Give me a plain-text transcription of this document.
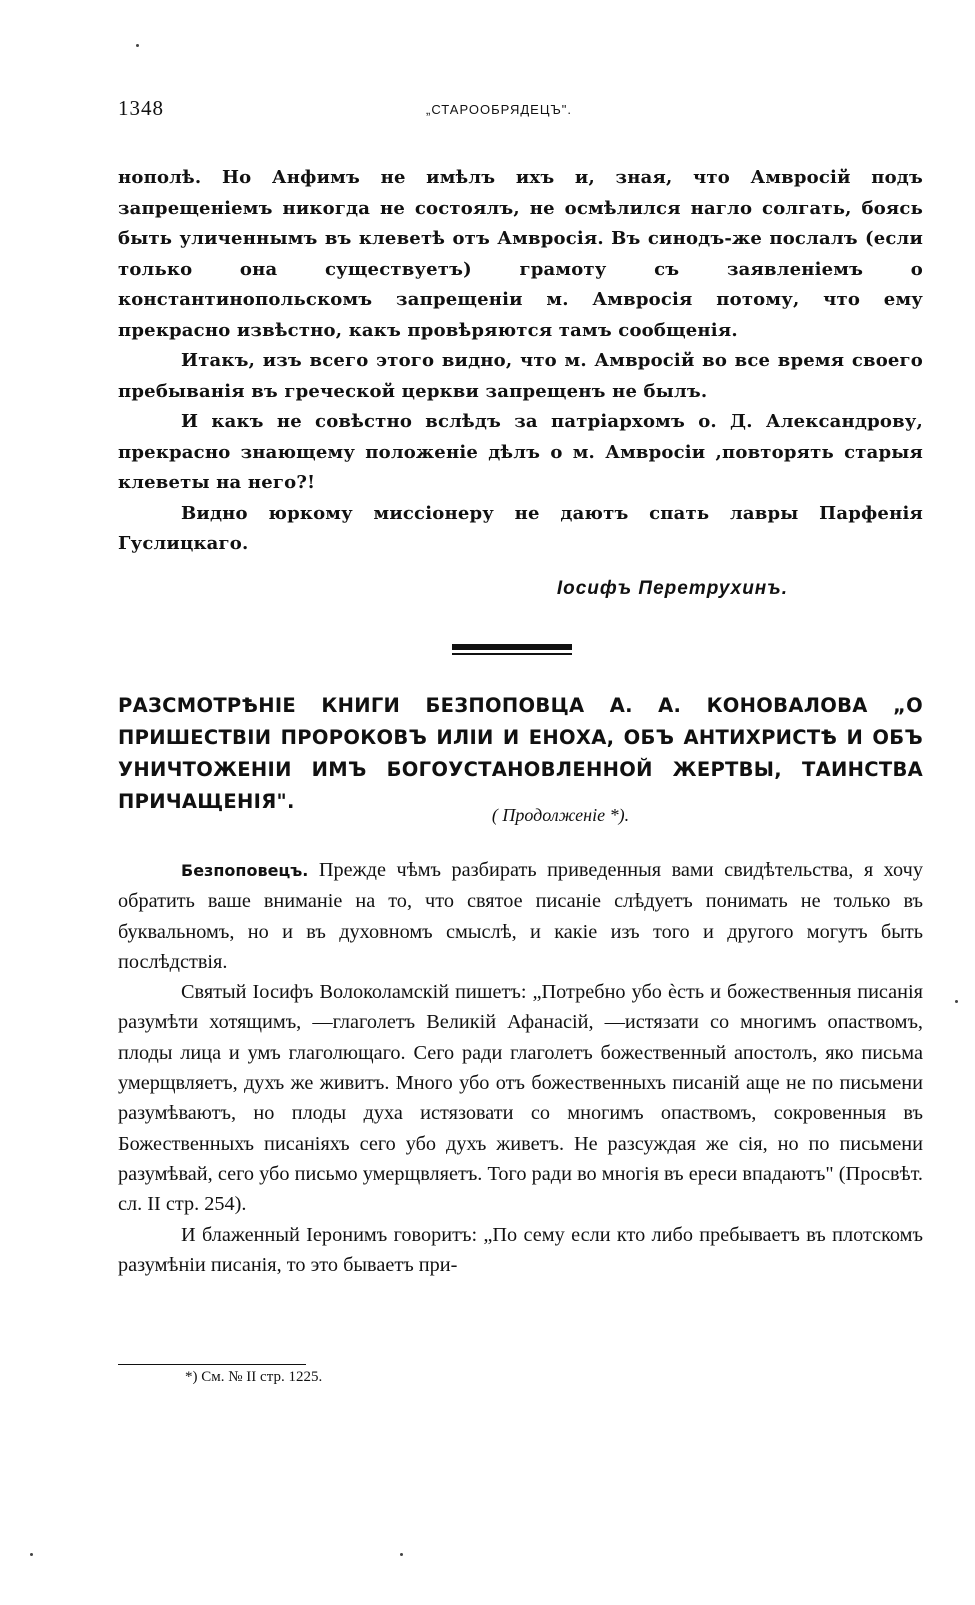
1348	„СТАРООБРЯДЕЦЪ".

нополѣ. Но Анфимъ не имѣлъ ихъ и, зная, что Амвросій подъ запрещеніемъ никогда не состоялъ, не осмѣлился нагло солгать, боясь быть уличеннымъ въ клеветѣ отъ Амвросія. Въ синодъ-же послалъ (если только она существуетъ) грамоту съ заявленіемъ о константинопольскомъ запрещеніи м. Амвросія потому, что ему прекрасно извѣстно, какъ провѣряются тамъ сообщенія.

Итакъ, изъ всего этого видно, что м. Амвросій во все время своего пребыванія въ греческой церкви запрещенъ не былъ.

И какъ не совѣстно вслѣдъ за патріархомъ о. Д. Александрову, прекрасно знающему положеніе дѣлъ о м. Амвросіи ,повторять старыя клеветы на него?!

Видно юркому миссіонеру не даютъ спать лавры Парфенія Гуслицкаго.

Іосифъ Перетрухинъ.
РАЗСМОТРѢНІЕ КНИГИ БЕЗПОПОВЦА А. А. КОНОВАЛОВА „О ПРИШЕСТВІИ ПРОРОКОВЪ ИЛІИ И ЕНОХА, ОБЪ АНТИХРИСТѢ И ОБЪ УНИЧТОЖЕНІИ ИМЪ БОГОУСТАНОВЛЕННОЙ ЖЕРТВЫ, ТАИНСТВА ПРИЧАЩЕНІЯ".
( Продолженіе *).

Безпоповецъ. Прежде чѣмъ разбирать приведенныя вами свидѣтельства, я хочу обратить ваше вниманіе на то, что святое писаніе слѣдуетъ понимать не только въ буквальномъ, но и въ духовномъ смыслѣ, и какіе изъ того и другого могутъ быть послѣдствія.

Святый Іосифъ Волоколамскій пишетъ: „Потребно убо ѐсть и божественныя писанія разумѣти хотящимъ, —глаголетъ Великій Афанасій, —истязати со многимъ опаствомъ, плоды лица и умъ глаголющаго. Сего ради глаголетъ божественный апостолъ, яко письма умерщвляетъ, духъ же живитъ. Много убо отъ божественныхъ писаній аще не по письмени разумѣваютъ, но плоды духа истязовати со многимъ опаствомъ, сокровенныя въ Божественныхъ писаніяхъ сего убо духъ живетъ. Не разсуждая же сія, но по письмени разумѣвай, сего убо письмо умерщвляетъ. Того ради во многія въ ереси впадаютъ" (Просвѣт. сл. II стр. 254).

И блаженный Іеронимъ говоритъ: „По сему если кто либо пребываетъ въ плотскомъ разумѣніи писанія, то это бываетъ при-

*) См. № II стр. 1225.
